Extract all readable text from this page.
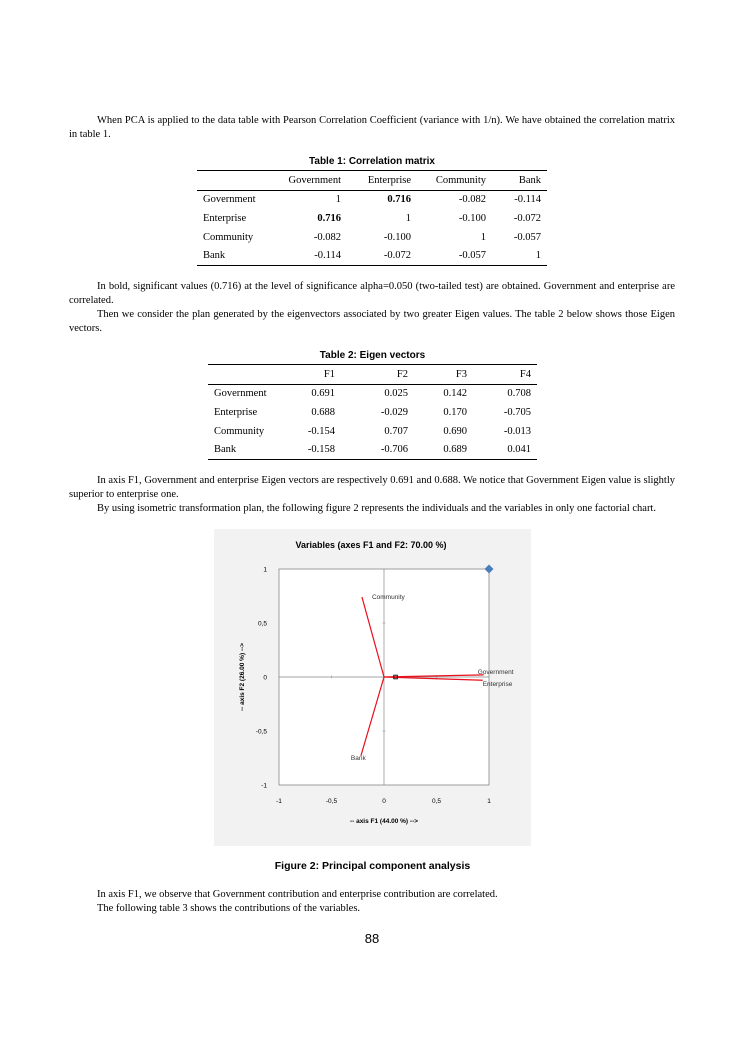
When PCA is applied to the data table with Pearson Correlation Coefficient (variance with 1/n). We have obtained the correlation matrix in table 1.

Table 1: Correlation matrix
	Government	Enterprise	Community	Bank
Government	1	0.716	-0.082	-0.114
Enterprise	0.716	1	-0.100	-0.072
Community	-0.082	-0.100	1	-0.057
Bank	-0.114	-0.072	-0.057	1

In bold, significant values (0.716) at the level of significance alpha=0.050 (two-tailed test) are obtained. Government and enterprise are correlated.

Then we consider the plan generated by the eigenvectors associated by two greater Eigen values. The table 2 below shows those Eigen vectors.

Table 2: Eigen vectors
	F1	F2	F3	F4
Government	0.691	0.025	0.142	0.708
Enterprise	0.688	-0.029	0.170	-0.705
Community	-0.154	0.707	0.690	-0.013
Bank	-0.158	-0.706	0.689	0.041

In axis F1, Government and enterprise Eigen vectors are respectively 0.691 and 0.688. We notice that Government Eigen value is slightly superior to enterprise one.

By using isometric transformation plan, the following figure 2 represents the individuals and the variables in only one factorial chart.

Variables (axes F1 and F2: 70.00 %)
-- axis F1 (44.00 %) -->
-- axis F2 (26.00 %) -->
-1	-0,5	0	0,5	1
1
0,5
0
-0,5
-1
Government
Enterprise
Community
Bank
Figure 2: Principal component analysis

In axis F1, we observe that Government contribution and enterprise contribution are correlated.

The following table 3 shows the contributions of the variables.

88
